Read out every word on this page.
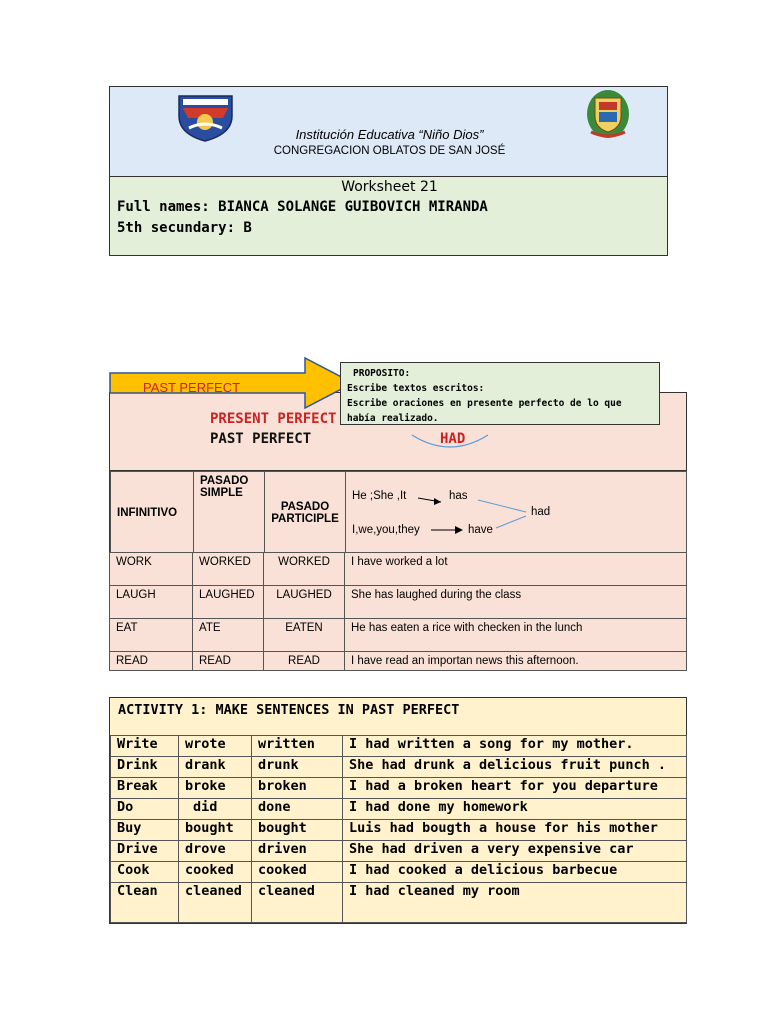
Institución Educativa “Niño Dios”
CONGREGACION OBLATOS DE SAN JOSÉ
Worksheet 21
Full names: BIANCA SOLANGE GUIBOVICH MIRANDA
5th secundary: B
PRESENT PERFECT
PAST PERFECT	HAD
INFINITIVO	PASADO SIMPLE	PASADO PARTICIPLE	
He ;She ,It	has
I,we,you,they	have
had
PAST PERFECT
PROPOSITO:
Escribe textos escritos:
Escribe oraciones en presente perfecto de lo que
había realizado.
WORK	WORKED	WORKED	I have worked a lot
LAUGH	LAUGHED	LAUGHED	She has laughed during the class
EAT	ATE	EATEN	He has eaten a rice with checken in the lunch
READ	READ	READ	I have read an importan news this afternoon.
ACTIVITY 1: MAKE SENTENCES IN PAST PERFECT
Write	wrote	written	I had written a song for my mother.
Drink	drank	drunk	She had drunk a delicious fruit punch .
Break	broke	broken	I had a broken heart for you departure
Do	did	done	I had done my homework
Buy	bought	bought	Luis had bougth a house for his mother
Drive	drove	driven	She had driven a very expensive car
Cook	cooked	cooked	I had cooked a delicious barbecue
Clean	cleaned	cleaned	I had cleaned my room
